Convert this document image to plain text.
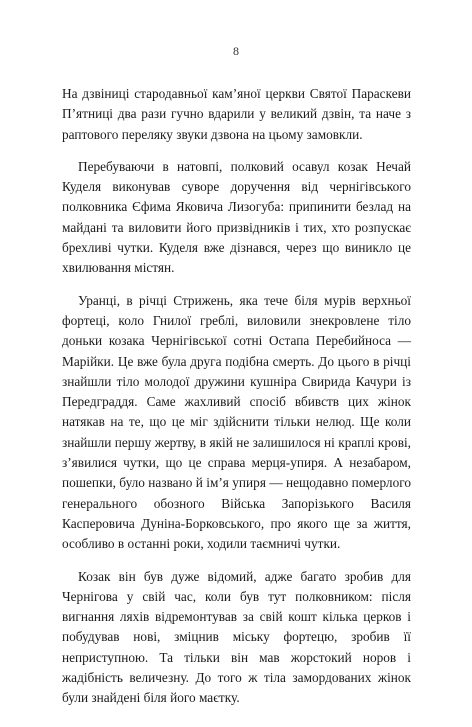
8

На дзвіниці стародавньої кам’яної церкви Святої Параскеви П’ятниці два рази гучно вдарили у великий дзвін, та наче з раптового переляку звуки дзвона на цьому замовкли.

Перебуваючи в натовпі, полковий осавул козак Нечай Куделя виконував суворе доручення від чернігівського полковника Єфима Яковича Лизогуба: припинити безлад на майдані та виловити його призвідників і тих, хто розпускає брехливі чутки. Куделя вже дізнався, через що виникло це хвилювання містян.

Уранці, в річці Стрижень, яка тече біля мурів верхньої фортеці, коло Гнилої греблі, виловили знекровлене тіло доньки козака Чернігівської сотні Остапа Перебийноса — Марійки. Це вже була друга подібна смерть. До цього в річці знайшли тіло молодої дружини кушніра Свирида Качури із Передграддя. Саме жахливий спосіб вбивств цих жінок натякав на те, що це міг здійснити тільки нелюд. Ще коли знайшли першу жертву, в якій не залишилося ні краплі крові, з’явилися чутки, що це справа мерця-упиря. А незабаром, пошепки, було названо й ім’я упиря — нещодавно померлого генерального обозного Війська Запорізького Василя Касперовича Дуніна-Борковського, про якого ще за життя, особливо в останні роки, ходили таємничі чутки.

Козак він був дуже відомий, адже багато зробив для Чернігова у свій час, коли був тут полковником: після вигнання ляхів відремонтував за свій кошт кілька церков і побудував нові, зміцнив міську фортецю, зробив її неприступною. Та тільки він мав жорстокий норов і жадібність величезну. До того ж тіла замордованих жінок були знайдені біля його маєтку.
